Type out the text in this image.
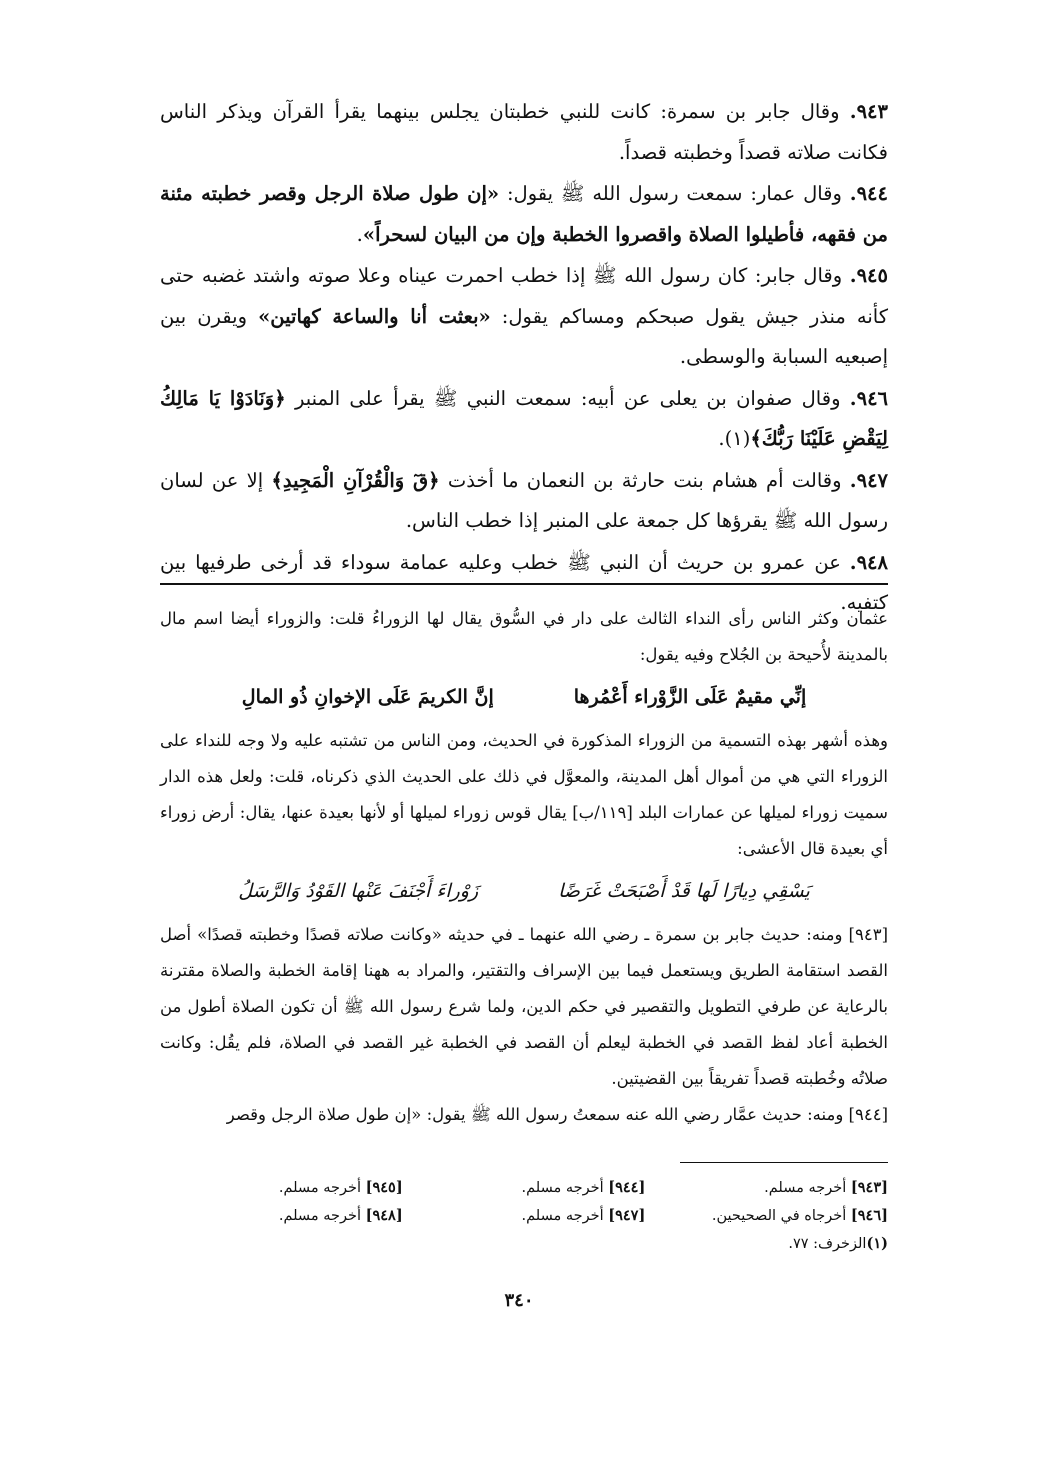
٩٤٣. وقال جابر بن سمرة: كانت للنبي خطبتان يجلس بينهما يقرأ القرآن ويذكر الناس فكانت صلاته قصداً وخطبته قصداً.

٩٤٤. وقال عمار: سمعت رسول الله ﷺ يقول: «إن طول صلاة الرجل وقصر خطبته مئنة من فقهه، فأطيلوا الصلاة واقصروا الخطبة وإن من البيان لسحراً».

٩٤٥. وقال جابر: كان رسول الله ﷺ إذا خطب احمرت عيناه وعلا صوته واشتد غضبه حتى كأنه منذر جيش يقول صبحكم ومساكم يقول: «بعثت أنا والساعة كهاتين» ويقرن بين إصبعيه السبابة والوسطى.

٩٤٦. وقال صفوان بن يعلى عن أبيه: سمعت النبي ﷺ يقرأ على المنبر ﴿وَنَادَوْا يَا مَالِكُ لِيَقْضِ عَلَيْنَا رَبُّكَ﴾(١).

٩٤٧. وقالت أم هشام بنت حارثة بن النعمان ما أخذت ﴿قٓ وَالْقُرْآنِ الْمَجِيدِ﴾ إلا عن لسان رسول الله ﷺ يقرؤها كل جمعة على المنبر إذا خطب الناس.

٩٤٨. عن عمرو بن حريث أن النبي ﷺ خطب وعليه عمامة سوداء قد أرخى طرفيها بين كتفيه.

عثمان وكثر الناس رأى النداء الثالث على دار في السُّوق يقال لها الزوراءُ قلت: والزوراء أيضا اسم مال بالمدينة لأُحيحة بن الجُلاح وفيه يقول:

إنِّي مقيمٌ عَلَى الزَّوْراء أَعْمُرها
إنَّ الكريمَ عَلَى الإخوانِ ذُو المالِ

وهذه أشهر بهذه التسمية من الزوراء المذكورة في الحديث، ومن الناس من تشتبه عليه ولا وجه للنداء على الزوراء التي هي من أموال أهل المدينة، والمعوَّل في ذلك على الحديث الذي ذكرناه، قلت: ولعل هذه الدار سميت زوراء لميلها عن عمارات البلد [١١٩/ب] يقال قوس زوراء لميلها أو لأنها بعيدة عنها، يقال: أرض زوراء أي بعيدة قال الأعشى:

يَسْقِي دِيارًا لَها قَدْ أَصْبَحَتْ غَرَضًا
زَوْراءَ أَجْنَفَ عَنْها القَوْدُ وَالرَّسَلُ

[٩٤٣] ومنه: حديث جابر بن سمرة ـ رضي الله عنهما ـ في حديثه «وكانت صلاته قصدًا وخطبته قصدًا» أصل القصد استقامة الطريق ويستعمل فيما بين الإسراف والتقتير، والمراد به ههنا إقامة الخطبة والصلاة مقترنة بالرعاية عن طرفي التطويل والتقصير في حكم الدين، ولما شرع رسول الله ﷺ أن تكون الصلاة أطول من الخطبة أعاد لفظ القصد في الخطبة ليعلم أن القصد في الخطبة غير القصد في الصلاة، فلم يقُل: وكانت صلاتُه وخُطبته قصداً تفريقاً بين القضيتين.

[٩٤٤] ومنه: حديث عمَّار رضي الله عنه سمعتُ رسول الله ﷺ يقول: «إن طول صلاة الرجل وقصر

[٩٤٣] أخرجه مسلم.
[٩٤٤] أخرجه مسلم.
[٩٤٥] أخرجه مسلم.
[٩٤٦] أخرجاه في الصحيحين.
[٩٤٧] أخرجه مسلم.
[٩٤٨] أخرجه مسلم.
(١)الزخرف: ٧٧.
٣٤٠
